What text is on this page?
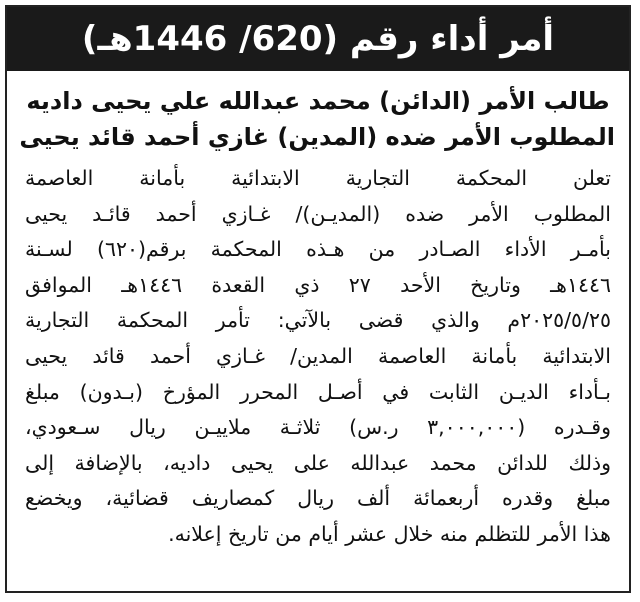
أمر أداء رقم (620/ 1446هـ)
طالب الأمر (الدائن) محمد عبدالله علي يحيى داديه
المطلوب الأمر ضده (المدين) غازي أحمد قائد يحيى
تعلن المحكمة التجارية الابتدائية بأمانة العاصمة
المطلوب الأمر ضده (المديـن)/ غـازي أحمد قائـد يحيى
بأمـر الأداء الصـادر من هـذه المحكمة برقم(٦٢٠) لسـنة
١٤٤٦هـ وتاريخ الأحد ٢٧ ذي القعدة ١٤٤٦هـ الموافق
٢٠٢٥/٥/٢٥م والذي قضى بالآتي: تأمر المحكمة التجارية
الابتدائية بأمانة العاصمة المدين/ غـازي أحمد قائد يحيى
بـأداء الديـن الثابت في أصـل المحرر المؤرخ (بـدون) مبلغ
وقـدره (٣,٠٠٠,٠٠٠ ر.س) ثلاثـة ملاييـن ريال سـعودي،
وذلك للدائن محمد عبدالله على يحيى داديه، بالإضافة إلى
مبلغ وقدره أربعمائة ألف ريال كمصاريف قضائية، ويخضع
هذا الأمر للتظلم منه خلال عشر أيام من تاريخ إعلانه.
